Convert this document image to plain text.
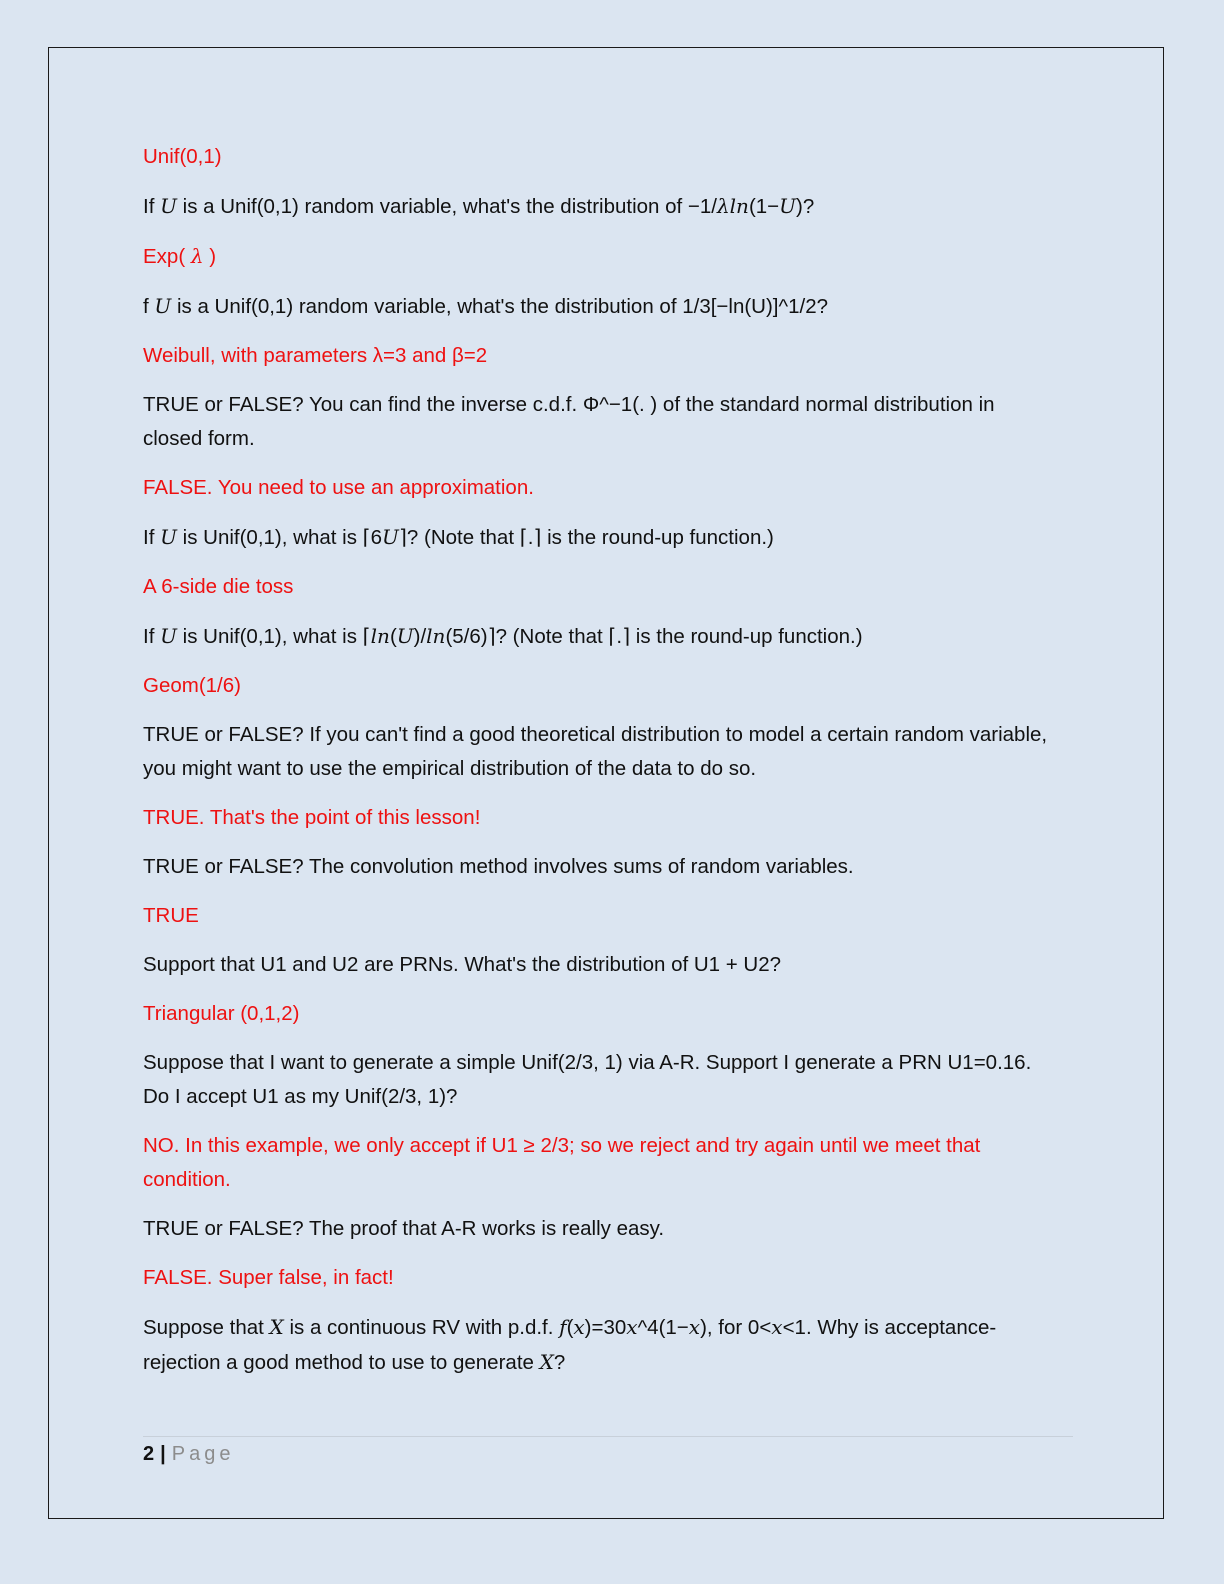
Unif(0,1)

If U is a Unif(0,1) random variable, what's the distribution of −1/λln(1−U)?

Exp( λ )

f U is a Unif(0,1) random variable, what's the distribution of 1/3[−ln(U)]^1/2?

Weibull, with parameters λ=3 and β=2

TRUE or FALSE? You can find the inverse c.d.f. Φ^−1(. ) of the standard normal distribution in closed form.

FALSE. You need to use an approximation.

If U is Unif(0,1), what is ⌈6U⌉? (Note that ⌈.⌉ is the round-up function.)

A 6-side die toss

If U is Unif(0,1), what is ⌈ln(U)/ln(5/6)⌉? (Note that ⌈.⌉ is the round-up function.)

Geom(1/6)

TRUE or FALSE? If you can't find a good theoretical distribution to model a certain random variable, you might want to use the empirical distribution of the data to do so.

TRUE. That's the point of this lesson!

TRUE or FALSE? The convolution method involves sums of random variables.

TRUE

Support that U1 and U2 are PRNs. What's the distribution of U1 + U2?

Triangular (0,1,2)

Suppose that I want to generate a simple Unif(2/3, 1) via A-R. Support I generate a PRN U1=0.16. Do I accept U1 as my Unif(2/3, 1)?

NO. In this example, we only accept if U1 ≥ 2/3; so we reject and try again until we meet that condition.

TRUE or FALSE? The proof that A-R works is really easy.

FALSE. Super false, in fact!

Suppose that X is a continuous RV with p.d.f. f(x)=30x^4(1−x), for 0<x<1. Why is acceptance-rejection a good method to use to generate X?

2 | Page
